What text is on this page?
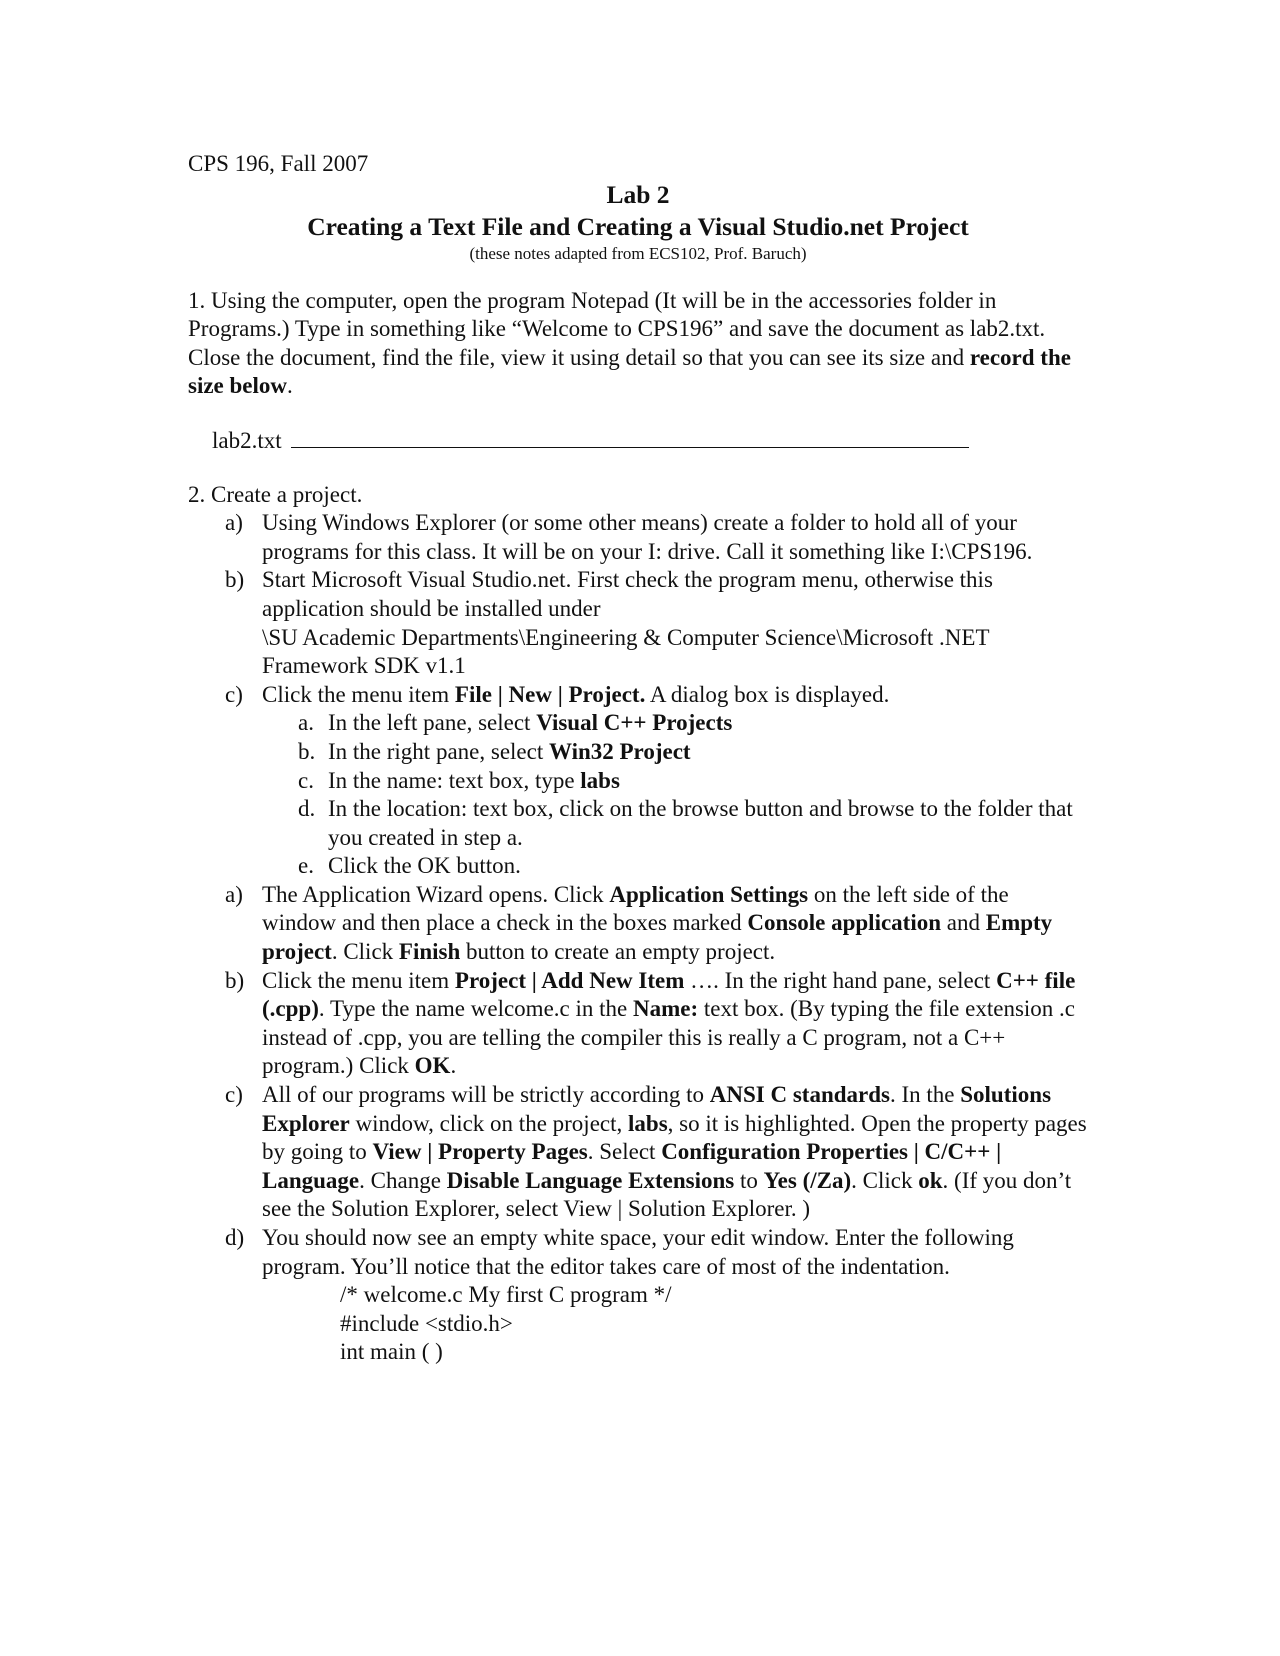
CPS 196, Fall 2007

Lab 2

Creating a Text File and Creating a Visual Studio.net Project

(these notes adapted from ECS102, Prof. Baruch)

1. Using the computer, open the program Notepad (It will be in the accessories folder in Programs.) Type in something like “Welcome to CPS196” and save the document as lab2.txt. Close the document, find the file, view it using detail so that you can see its size and record the size below.

lab2.txt

2. Create a project.

a) Using Windows Explorer (or some other means) create a folder to hold all of your programs for this class. It will be on your I: drive. Call it something like I:\CPS196.
b) Start Microsoft Visual Studio.net. First check the program menu, otherwise this application should be installed under
\SU Academic Departments\Engineering & Computer Science\Microsoft .NET Framework SDK v1.1
c) Click the menu item File | New | Project. A dialog box is displayed.
a. In the left pane, select Visual C++ Projects
b. In the right pane, select Win32 Project
c. In the name: text box, type labs
d. In the location: text box, click on the browse button and browse to the folder that you created in step a.
e. Click the OK button.
a) The Application Wizard opens. Click Application Settings on the left side of the window and then place a check in the boxes marked Console application and Empty project. Click Finish button to create an empty project.
b) Click the menu item Project | Add New Item …. In the right hand pane, select C++ file (.cpp). Type the name welcome.c in the Name: text box. (By typing the file extension .c instead of .cpp, you are telling the compiler this is really a C program, not a C++ program.) Click OK.
c) All of our programs will be strictly according to ANSI C standards. In the Solutions Explorer window, click on the project, labs, so it is highlighted. Open the property pages by going to View | Property Pages. Select Configuration Properties | C/C++ | Language. Change Disable Language Extensions to Yes (/Za). Click ok. (If you don’t see the Solution Explorer, select View | Solution Explorer. )
d) You should now see an empty white space, your edit window. Enter the following program. You’ll notice that the editor takes care of most of the indentation.

/* welcome.c My first C program */

#include <stdio.h>

int main ( )
